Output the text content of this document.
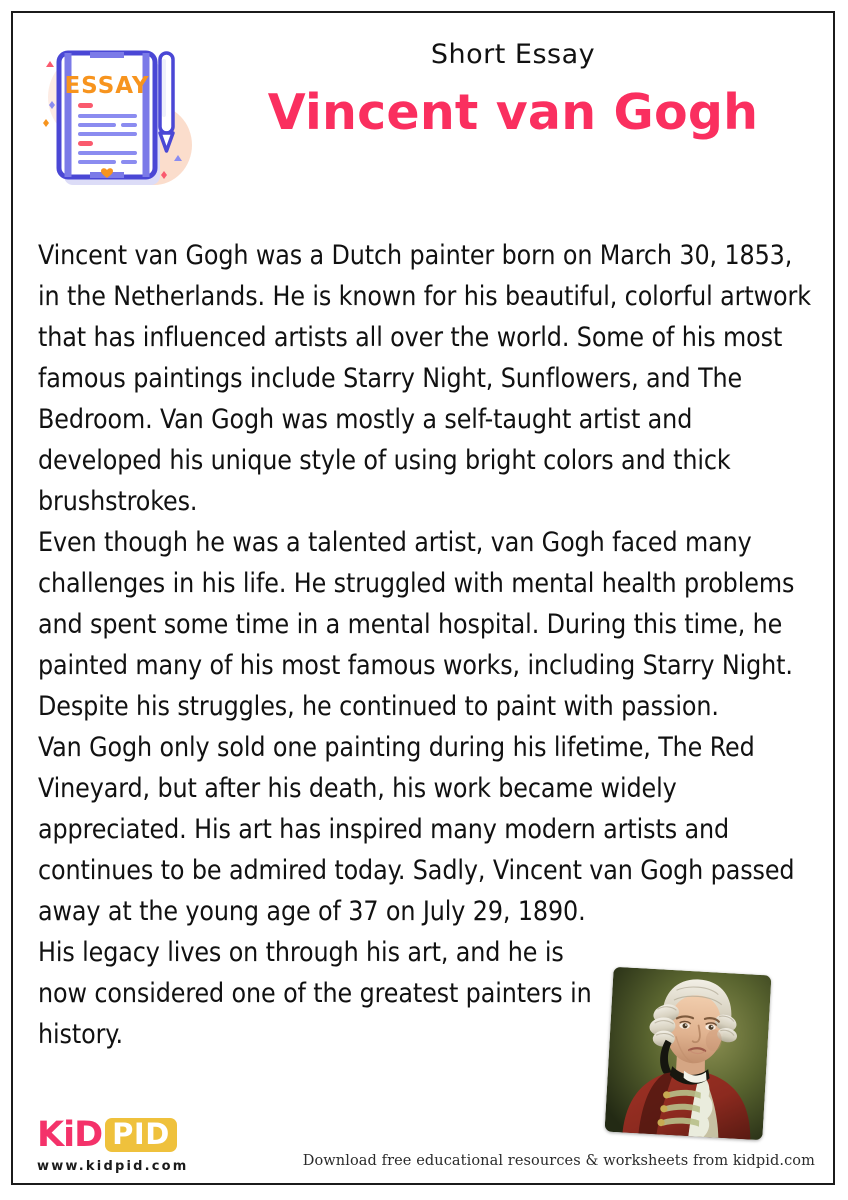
ESSAY
Short Essay
Vincent van Gogh

Vincent van Gogh was a Dutch painter born on March 30, 1853, in the Netherlands. He is known for his beautiful, colorful artwork that has influenced artists all over the world. Some of his most famous paintings include Starry Night, Sunflowers, and The Bedroom. Van Gogh was mostly a self-taught artist and developed his unique style of using bright colors and thick brushstrokes.

Even though he was a talented artist, van Gogh faced many challenges in his life. He struggled with mental health problems and spent some time in a mental hospital. During this time, he painted many of his most famous works, including Starry Night. Despite his struggles, he continued to paint with passion.

Van Gogh only sold one painting during his lifetime, The Red Vineyard, but after his death, his work became widely appreciated. His art has inspired many modern artists and continues to be admired today. Sadly, Vincent van Gogh passed away at the young age of 37 on July 29, 1890.

His legacy lives on through his art, and he is now considered one of the greatest painters in history.

KiD PID
www.kidpid.com	Download free educational resources & worksheets from kidpid.com
